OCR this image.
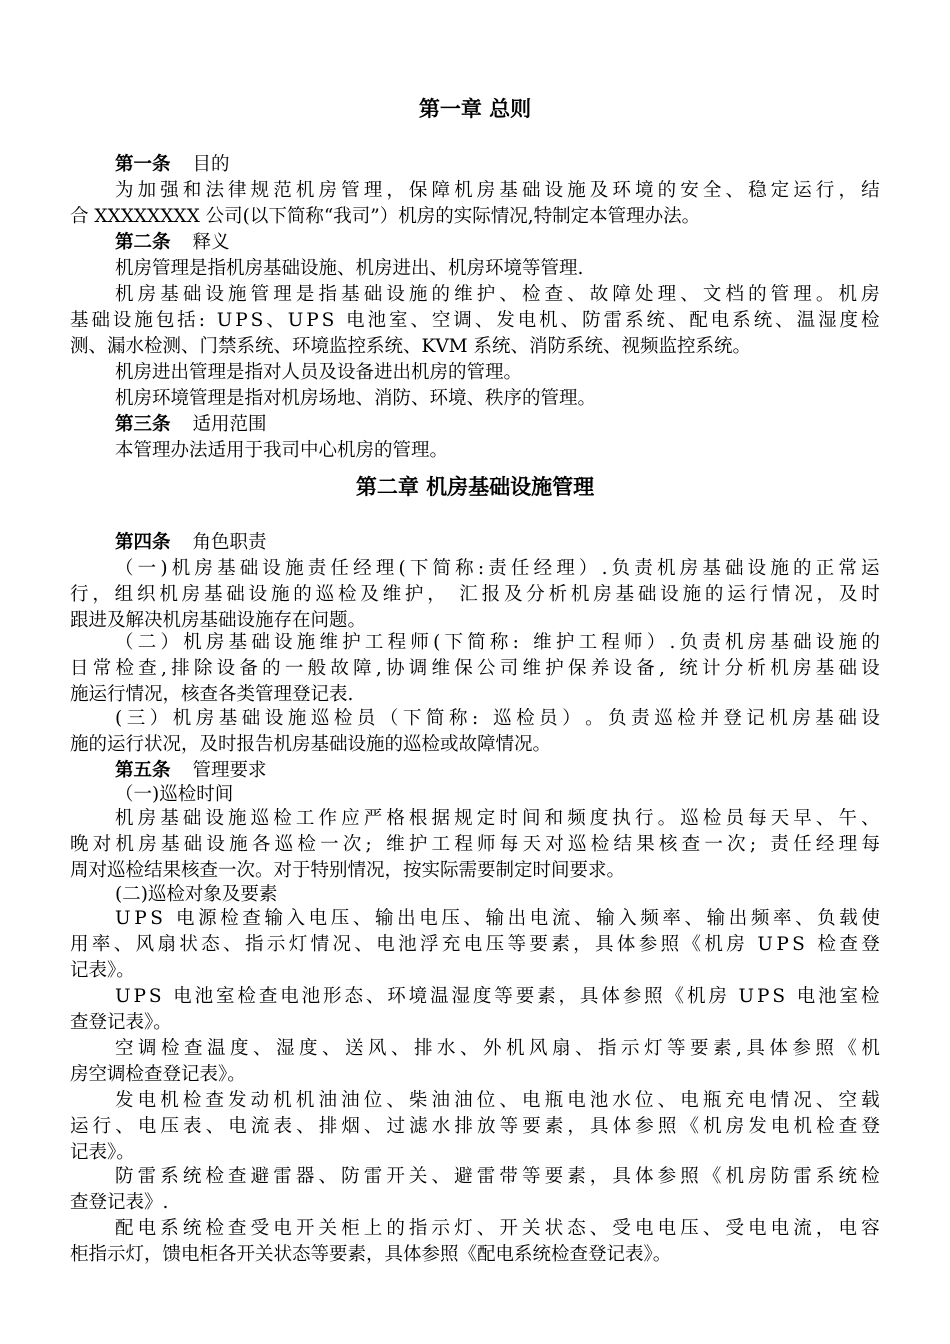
第一章 总则
第一条 目的
为 加 强 和 法 律 规 范 机 房 管 理 ， 保 障 机 房 基 础 设 施 及 环 境 的 安 全 、 稳 定 运 行 ， 结
合 XXXXXXXX 公司(以下简称“我司”）机房的实际情况,特制定本管理办法。
第二条 释义
机房管理是指机房基础设施、机房进出、机房环境等管理.
机 房 基 础 设 施 管 理 是 指 基 础 设 施 的 维 护 、 检 查 、 故 障 处 理 、 文 档 的 管 理 。 机 房
基 础 设 施 包 括 :
U P S 、 U P S
电 池 室 、 空 调 、 发 电 机 、 防 雷 系 统 、 配 电 系 统 、 温 湿 度 检
测、漏水检测、门禁系统、环境监控系统、KVM 系统、消防系统、视频监控系统。
机房进出管理是指对人员及设备进出机房的管理。
机房环境管理是指对机房场地、消防、环境、秩序的管理。
第三条 适用范围
本管理办法适用于我司中心机房的管理。
第二章 机房基础设施管理
第四条 角色职责
（ 一 ) 机 房 基 础 设 施 责 任 经 理 ( 下 简 称 : 责 任 经 理 ） . 负 责 机 房 基 础 设 施 的 正 常 运
行 ， 组 织 机 房 基 础 设 施 的 巡 检 及 维 护 ，
汇 报 及 分 析 机 房 基 础 设 施 的 运 行 情 况 ， 及 时
跟进及解决机房基础设施存在问题。
（ 二 ） 机 房 基 础 设 施 维 护 工 程 师 ( 下 简 称 :
维 护 工 程 师 ） . 负 责 机 房 基 础 设 施 的
日 常 检 查 , 排 除 设 备 的 一 般 故 障 , 协 调 维 保 公 司 维 护 保 养 设 备 ,
统 计 分 析 机 房 基 础 设
施运行情况，核查各类管理登记表.
( 三 ） 机 房 基 础 设 施 巡 检 员 （ 下 简 称 :
巡 检 员 ） 。 负 责 巡 检 并 登 记 机 房 基 础 设
施的运行状况，及时报告机房基础设施的巡检或故障情况。
第五条 管理要求
（一)巡检时间
机 房 基 础 设 施 巡 检 工 作 应 严 格 根 据 规 定 时 间 和 频 度 执 行 。 巡 检 员 每 天 早 、 午 、
晚 对 机 房 基 础 设 施 各 巡 检 一 次 ;
维 护 工 程 师 每 天 对 巡 检 结 果 核 查 一 次 ;
责 任 经 理 每
周对巡检结果核查一次。对于特别情况，按实际需要制定时间要求。
(二)巡检对象及要素
U P S
电 源 检 查 输 入 电 压 、 输 出 电 压 、 输 出 电 流 、 输 入 频 率 、 输 出 频 率 、 负 载 使
用 率 、 风 扇 状 态 、 指 示 灯 情 况 、 电 池 浮 充 电 压 等 要 素 ， 具 体 参 照 《 机 房
U P S
检 查 登
记表》。
U P S
电 池 室 检 查 电 池 形 态 、 环 境 温 湿 度 等 要 素 ， 具 体 参 照 《 机 房
U P S
电 池 室 检
查登记表》。
空 调 检 查 温 度 、 湿 度 、 送 风 、 排 水 、 外 机 风 扇 、 指 示 灯 等 要 素 , 具 体 参 照 《 机
房空调检查登记表》。
发 电 机 检 查 发 动 机 机 油 油 位 、 柴 油 油 位 、 电 瓶 电 池 水 位 、 电 瓶 充 电 情 况 、 空 载
运 行 、 电 压 表 、 电 流 表 、 排 烟 、 过 滤 水 排 放 等 要 素 ， 具 体 参 照 《 机 房 发 电 机 检 查 登
记表》。
防 雷 系 统 检 查 避 雷 器 、 防 雷 开 关 、 避 雷 带 等 要 素 ， 具 体 参 照 《 机 房 防 雷 系 统 检
查登记表》.
配 电 系 统 检 查 受 电 开 关 柜 上 的 指 示 灯 、 开 关 状 态 、 受 电 电 压 、 受 电 电 流 ， 电 容
柜指示灯，馈电柜各开关状态等要素，具体参照《配电系统检查登记表》。
